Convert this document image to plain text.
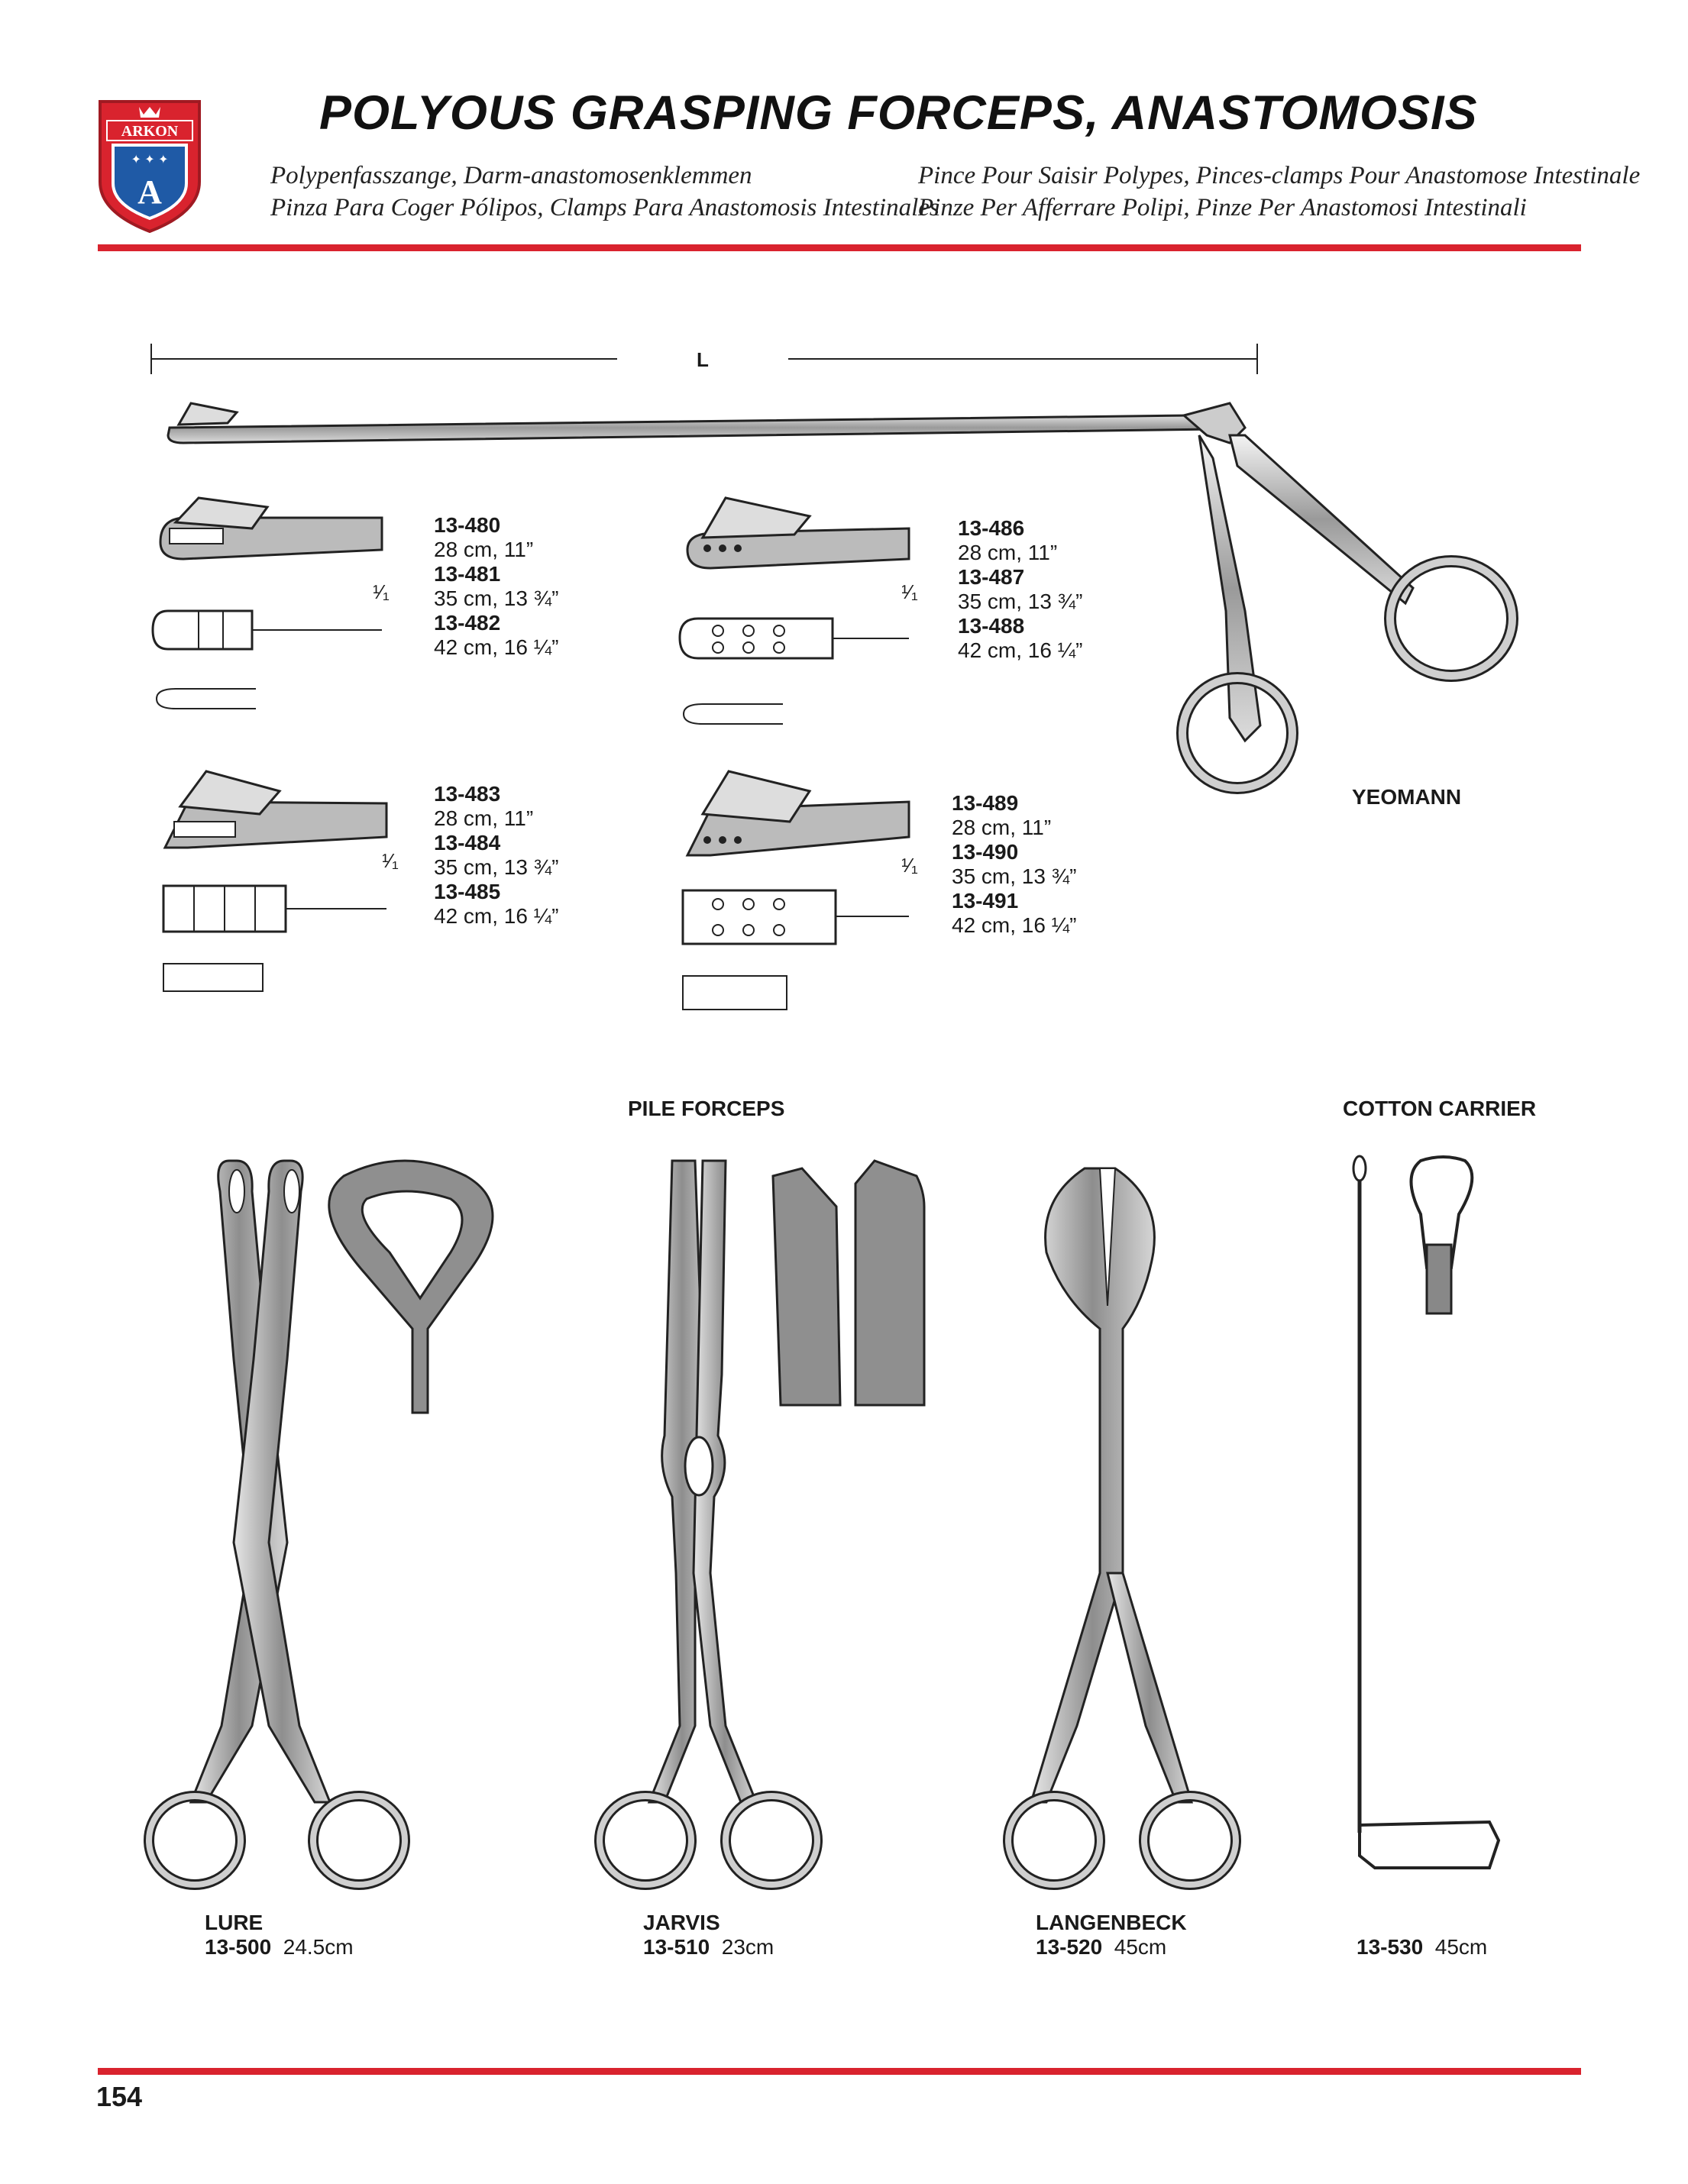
ARKON
✦ ✦ ✦
A
POLYOUS GRASPING FORCEPS, ANASTOMOSIS
Polypenfasszange, Darm-anastomosenklemmen
Pinza Para Coger Pólipos, Clamps Para Anastomosis Intestinales
Pince Pour Saisir Polypes, Pinces-clamps Pour Anastomose Intestinale
Pinze Per Afferrare Polipi, Pinze Per Anastomosi Intestinali
L
YEOMANN
¹⁄₁
13-480
28 cm, 11”
13-481
35 cm, 13 ¾”
13-482
42 cm, 16 ¼”
¹⁄₁
13-486
28 cm, 11”
13-487
35 cm, 13 ¾”
13-488
42 cm, 16 ¼”
¹⁄₁
13-483
28 cm, 11”
13-484
35 cm, 13 ¾”
13-485
42 cm, 16 ¼”
¹⁄₁
13-489
28 cm, 11”
13-490
35 cm, 13 ¾”
13-491
42 cm, 16 ¼”
PILE FORCEPS	COTTON CARRIER
LURE
13-500 24.5cm
JARVIS
13-510 23cm
LANGENBECK
13-520 45cm	13-530 45cm
154
